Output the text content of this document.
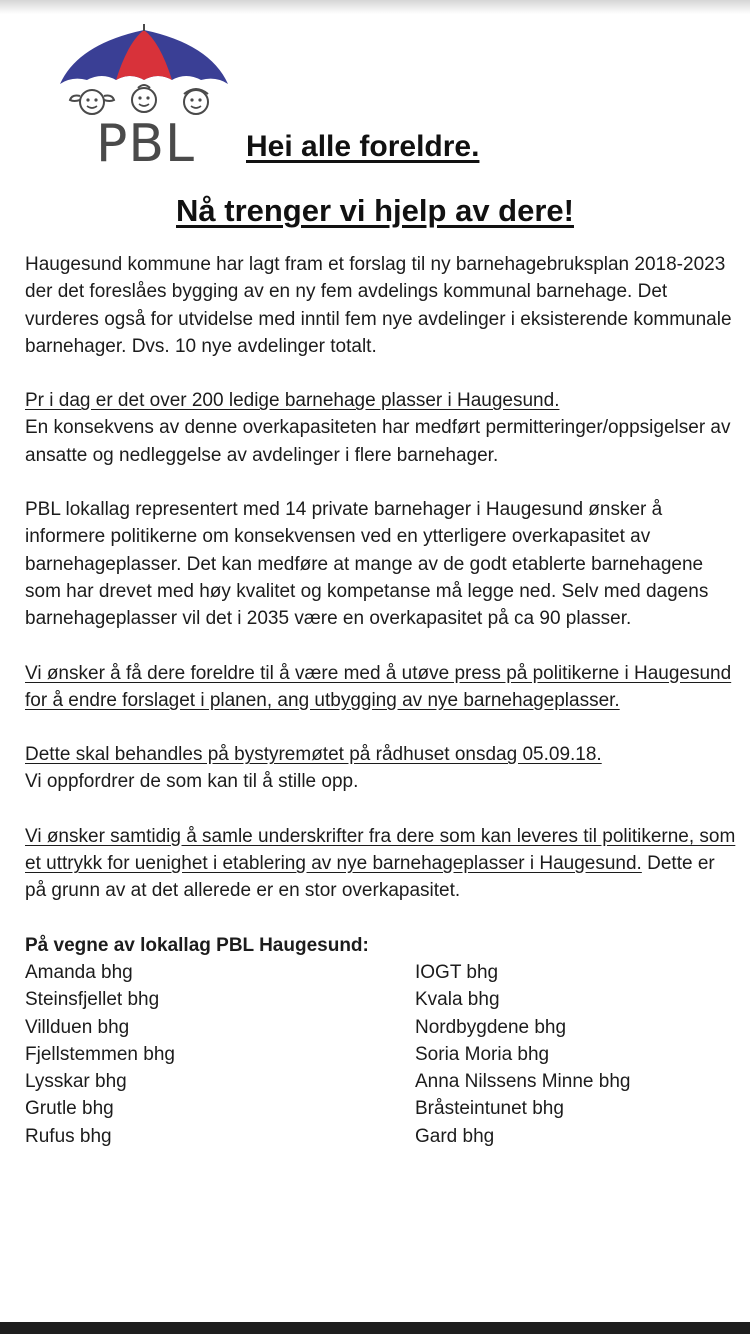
PBL Hei alle foreldre.
Nå trenger vi hjelp av dere!

Haugesund kommune har lagt fram et forslag til ny barnehagebruksplan 2018-2023 der det foreslåes bygging av en ny fem avdelings kommunal barnehage. Det vurderes også for utvidelse med inntil fem nye avdelinger i eksisterende kommunale barnehager. Dvs. 10 nye avdelinger totalt.

Pr i dag er det over 200 ledige barnehage plasser i Haugesund.
En konsekvens av denne overkapasiteten har medført permitteringer/oppsigelser av ansatte og nedleggelse av avdelinger i flere barnehager.

PBL lokallag representert med 14 private barnehager i Haugesund ønsker å informere politikerne om konsekvensen ved en ytterligere overkapasitet av barnehageplasser. Det kan medføre at mange av de godt etablerte barnehagene som har drevet med høy kvalitet og kompetanse må legge ned. Selv med dagens barnehageplasser vil det i 2035 være en overkapasitet på ca 90 plasser.

Vi ønsker å få dere foreldre til å være med å utøve press på politikerne i Haugesund for å endre forslaget i planen, ang utbygging av nye barnehageplasser.

Dette skal behandles på bystyremøtet på rådhuset onsdag 05.09.18.
Vi oppfordrer de som kan til å stille opp.

Vi ønsker samtidig å samle underskrifter fra dere som kan leveres til politikerne, som et uttrykk for uenighet i etablering av nye barnehageplasser i Haugesund. Dette er på grunn av at det allerede er en stor overkapasitet.

På vegne av lokallag PBL Haugesund:
Amanda bhg
Steinsfjellet bhg
Villduen bhg
Fjellstemmen bhg
Lysskar bhg
Grutle bhg
Rufus bhg
IOGT bhg
Kvala bhg
Nordbygdene bhg
Soria Moria bhg
Anna Nilssens Minne bhg
Bråsteintunet bhg
Gard bhg
